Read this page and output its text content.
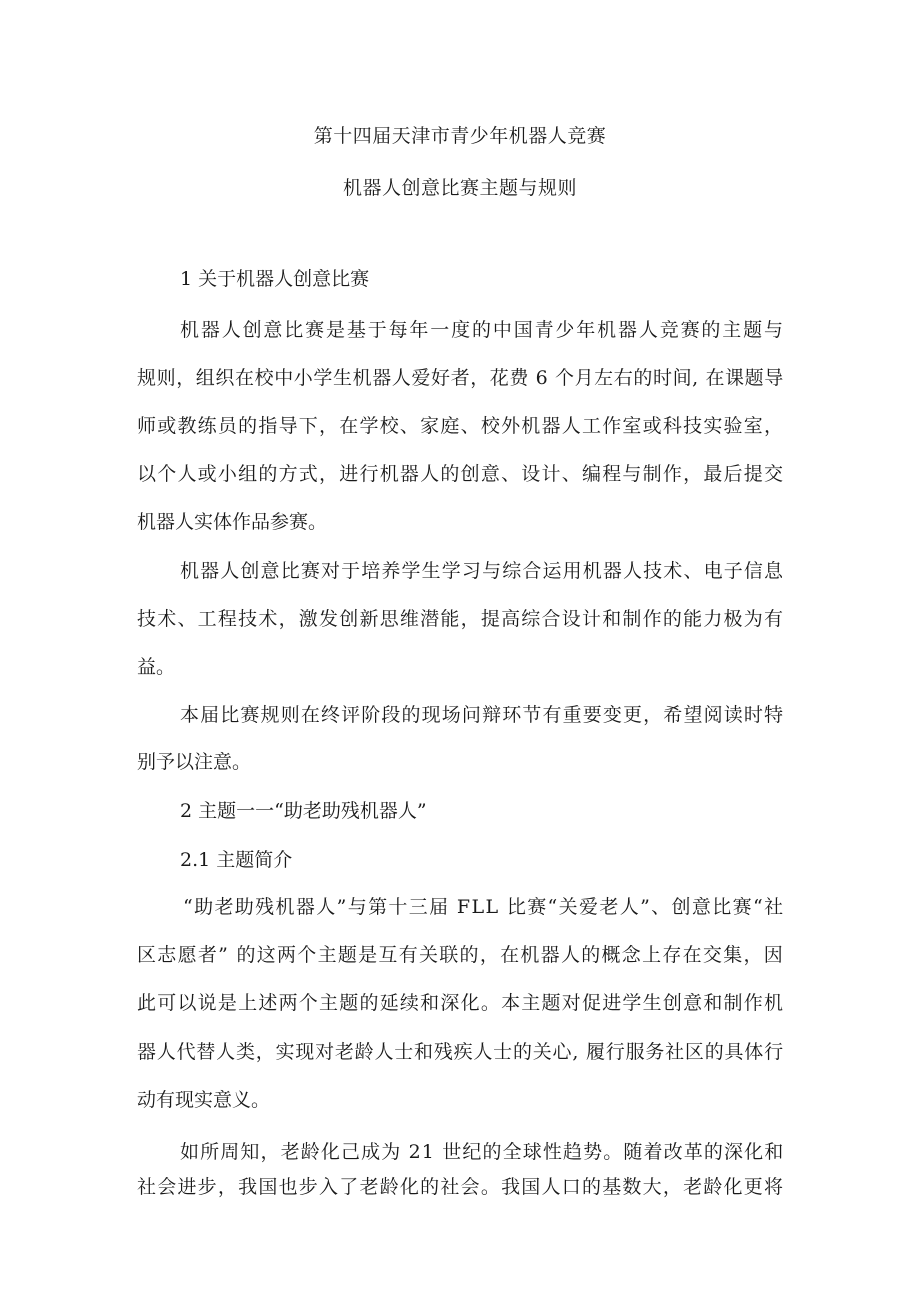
第十四届天津市青少年机器人竞赛
机器人创意比赛主题与规则
1 关于机器人创意比赛
机器人创意比赛是基于每年一度的中国青少年机器人竞赛的主题与
规则，组织在校中小学生机器人爱好者，花费 6 个月左右的时间, 在课题导
师或教练员的指导下，在学校、家庭、校外机器人工作室或科技实验室，
以个人或小组的方式，进行机器人的创意、设计、编程与制作，最后提交
机器人实体作品参赛。
机器人创意比赛对于培养学生学习与综合运用机器人技术、电子信息
技术、工程技术，激发创新思维潜能，提高综合设计和制作的能力极为有
益。
本届比赛规则在终评阶段的现场问辩环节有重要变更，希望阅读时特
别予以注意。
2 主题一一“助老助残机器人”
2.1 主题简介
“助老助残机器人”与第十三届 FLL 比赛“关爱老人”、创意比赛“社
区志愿者” 的这两个主题是互有关联的，在机器人的概念上存在交集，因
此可以说是上述两个主题的延续和深化。本主题对促进学生创意和制作机
器人代替人类，实现对老龄人士和残疾人士的关心, 履行服务社区的具体行
动有现实意义。
如所周知，老龄化己成为 21 世纪的全球性趋势。随着改革的深化和
社会进步，我国也步入了老龄化的社会。我国人口的基数大，老龄化更将
